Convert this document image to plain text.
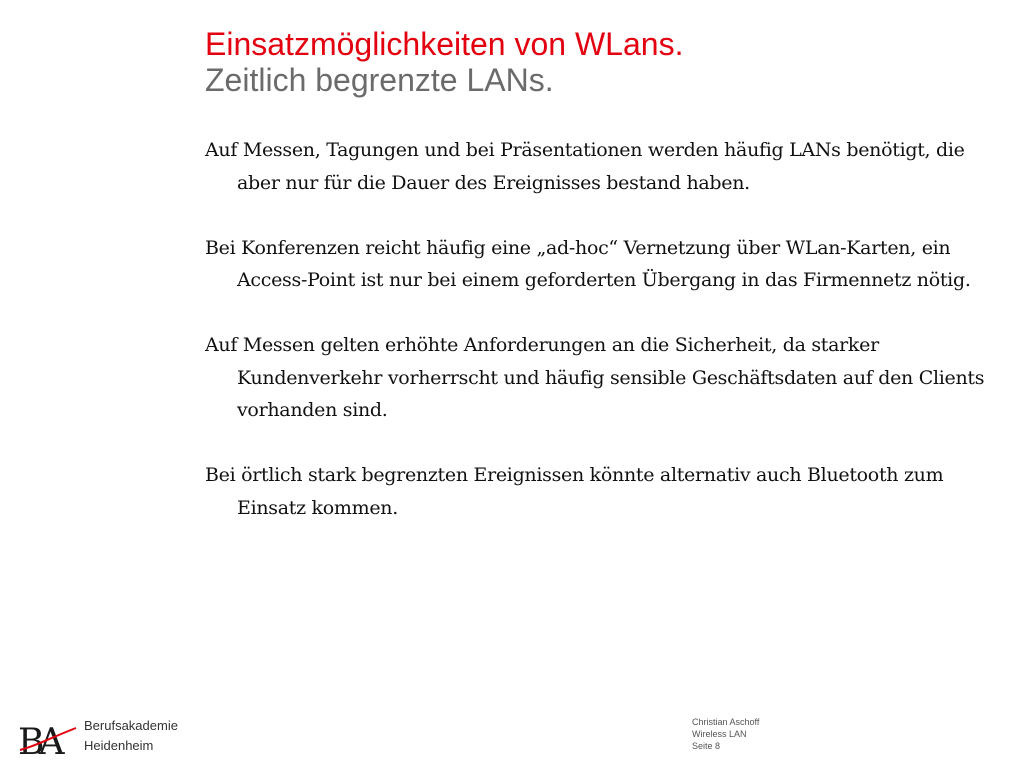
Einsatzmöglichkeiten von WLans.
Zeitlich begrenzte LANs.

Auf Messen, Tagungen und bei Präsentationen werden häufig LANs benötigt, die aber nur für die Dauer des Ereignisses bestand haben.

Bei Konferenzen reicht häufig eine „ad-hoc“ Vernetzung über WLan-Karten, ein Access-Point ist nur bei einem geforderten Übergang in das Firmennetz nötig.

Auf Messen gelten erhöhte Anforderungen an die Sicherheit, da starker Kundenverkehr vorherrscht und häufig sensible Geschäftsdaten auf den Clients vorhanden sind.

Bei örtlich stark begrenzten Ereignissen könnte alternativ auch Bluetooth zum Einsatz kommen.

BA	Berufsakademie
Heidenheim
Christian Aschoff
Wireless LAN
Seite 8
